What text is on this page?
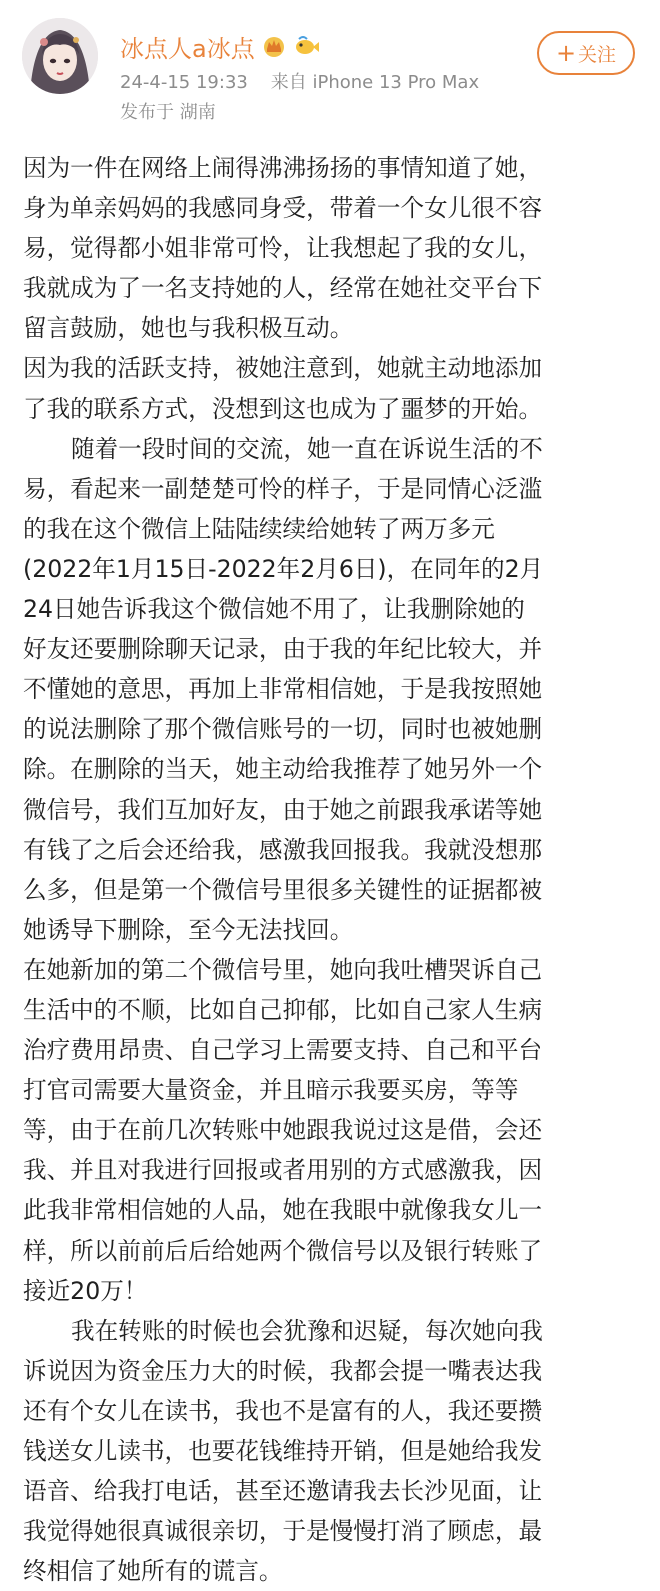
冰点人a冰点
24-4-15 19:33 来自 iPhone 13 Pro Max
发布于 湖南
+ 关注
因为一件在网络上闹得沸沸扬扬的事情知道了她，
身为单亲妈妈的我感同身受，带着一个女儿很不容
易，觉得都小姐非常可怜，让我想起了我的女儿，
我就成为了一名支持她的人，经常在她社交平台下
留言鼓励，她也与我积极互动。
因为我的活跃支持，被她注意到，她就主动地添加
了我的联系方式，没想到这也成为了噩梦的开始。
随着一段时间的交流，她一直在诉说生活的不
易，看起来一副楚楚可怜的样子，于是同情心泛滥
的我在这个微信上陆陆续续给她转了两万多元
(2022年1月15日-2022年2月6日)，在同年的2月
24日她告诉我这个微信她不用了，让我删除她的
好友还要删除聊天记录，由于我的年纪比较大，并
不懂她的意思，再加上非常相信她，于是我按照她
的说法删除了那个微信账号的一切，同时也被她删
除。在删除的当天，她主动给我推荐了她另外一个
微信号，我们互加好友，由于她之前跟我承诺等她
有钱了之后会还给我，感激我回报我。我就没想那
么多，但是第一个微信号里很多关键性的证据都被
她诱导下删除，至今无法找回。
在她新加的第二个微信号里，她向我吐槽哭诉自己
生活中的不顺，比如自己抑郁，比如自己家人生病
治疗费用昂贵、自己学习上需要支持、自己和平台
打官司需要大量资金，并且暗示我要买房，等等
等，由于在前几次转账中她跟我说过这是借，会还
我、并且对我进行回报或者用别的方式感激我，因
此我非常相信她的人品，她在我眼中就像我女儿一
样，所以前前后后给她两个微信号以及银行转账了
接近20万！
我在转账的时候也会犹豫和迟疑，每次她向我
诉说因为资金压力大的时候，我都会提一嘴表达我
还有个女儿在读书，我也不是富有的人，我还要攒
钱送女儿读书，也要花钱维持开销，但是她给我发
语音、给我打电话，甚至还邀请我去长沙见面，让
我觉得她很真诚很亲切，于是慢慢打消了顾虑，最
终相信了她所有的谎言。
